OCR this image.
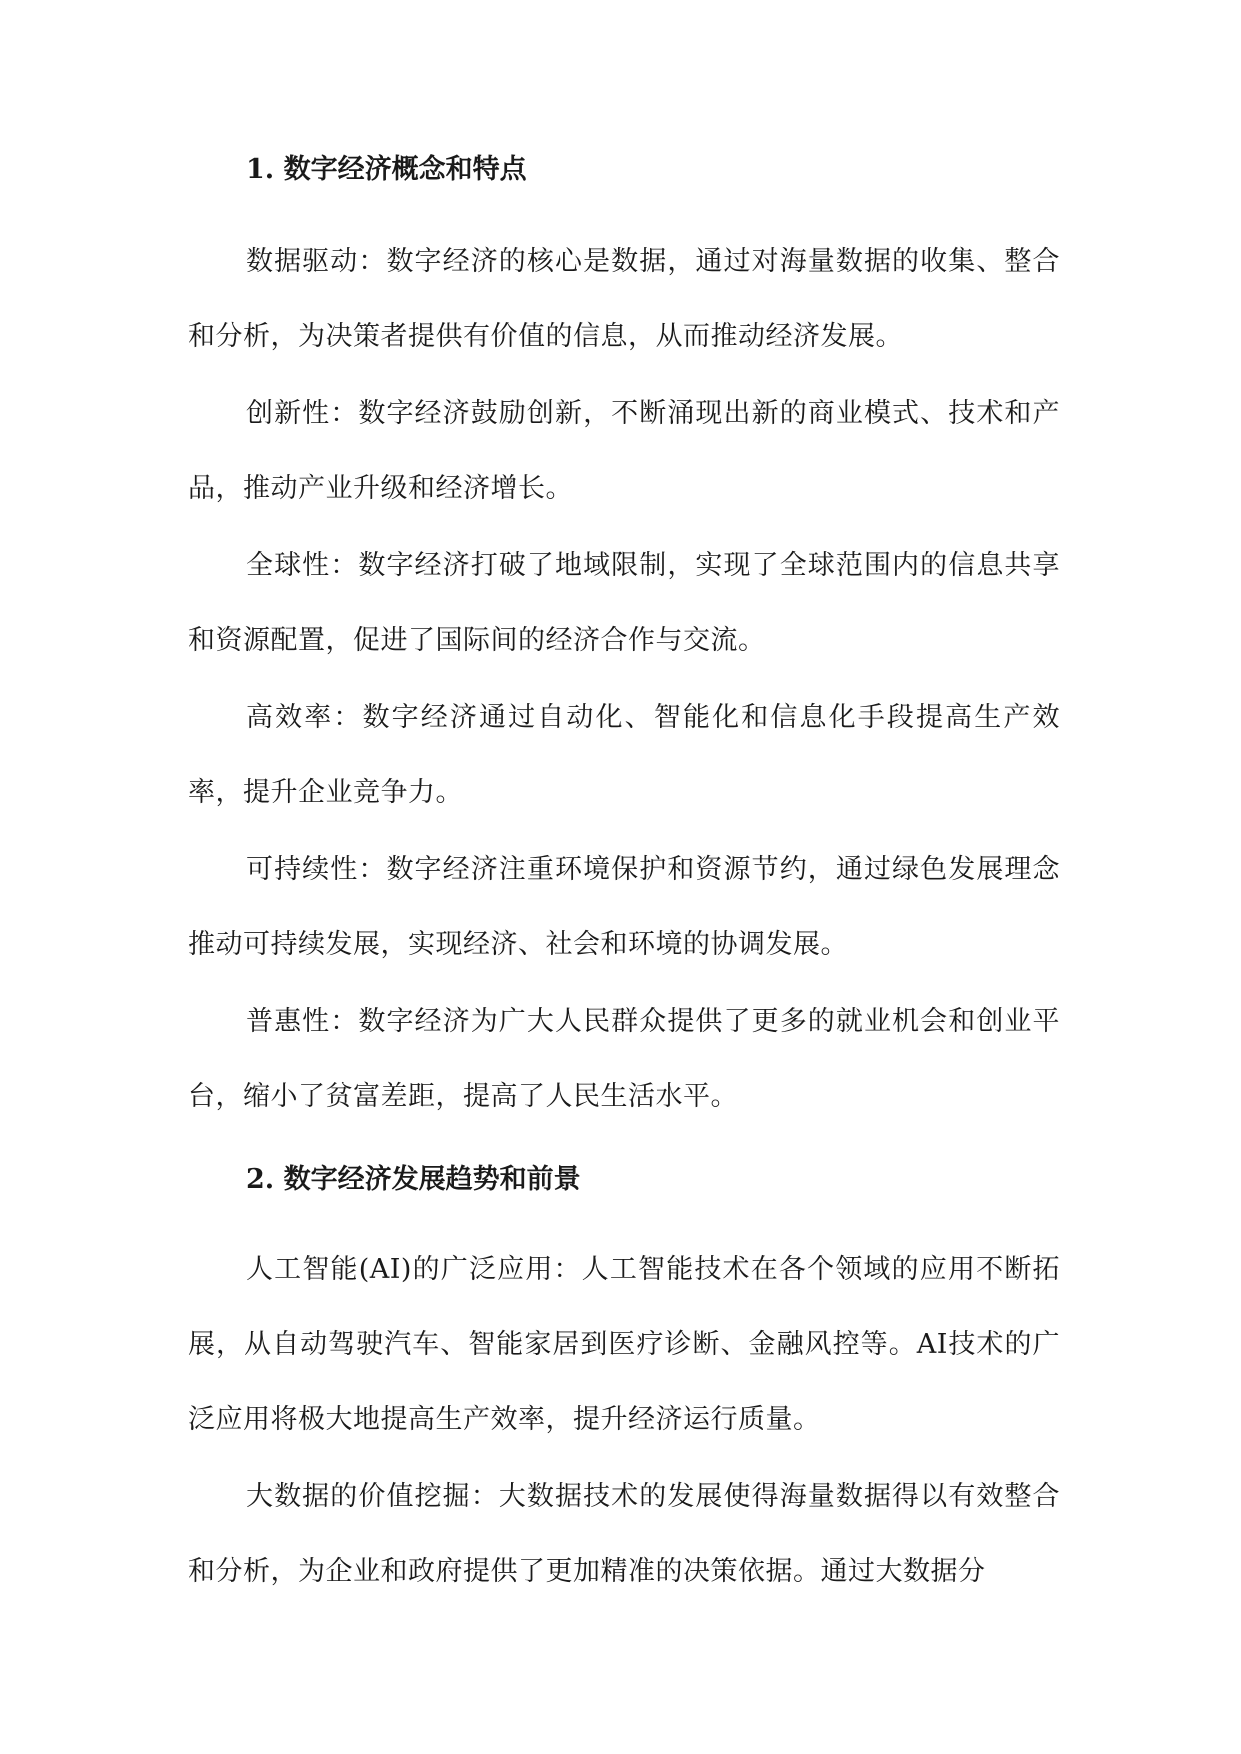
1. 数字经济概念和特点

数据驱动：数字经济的核心是数据，通过对海量数据的收集、整合和分析，为决策者提供有价值的信息，从而推动经济发展。

创新性：数字经济鼓励创新，不断涌现出新的商业模式、技术和产品，推动产业升级和经济增长。

全球性：数字经济打破了地域限制，实现了全球范围内的信息共享和资源配置，促进了国际间的经济合作与交流。

高效率：数字经济通过自动化、智能化和信息化手段提高生产效率，提升企业竞争力。

可持续性：数字经济注重环境保护和资源节约，通过绿色发展理念推动可持续发展，实现经济、社会和环境的协调发展。

普惠性：数字经济为广大人民群众提供了更多的就业机会和创业平台，缩小了贫富差距，提高了人民生活水平。

2. 数字经济发展趋势和前景

人工智能(AI)的广泛应用：人工智能技术在各个领域的应用不断拓展，从自动驾驶汽车、智能家居到医疗诊断、金融风控等。AI技术的广泛应用将极大地提高生产效率，提升经济运行质量。

大数据的价值挖掘：大数据技术的发展使得海量数据得以有效整合和分析，为企业和政府提供了更加精准的决策依据。通过大数据分
